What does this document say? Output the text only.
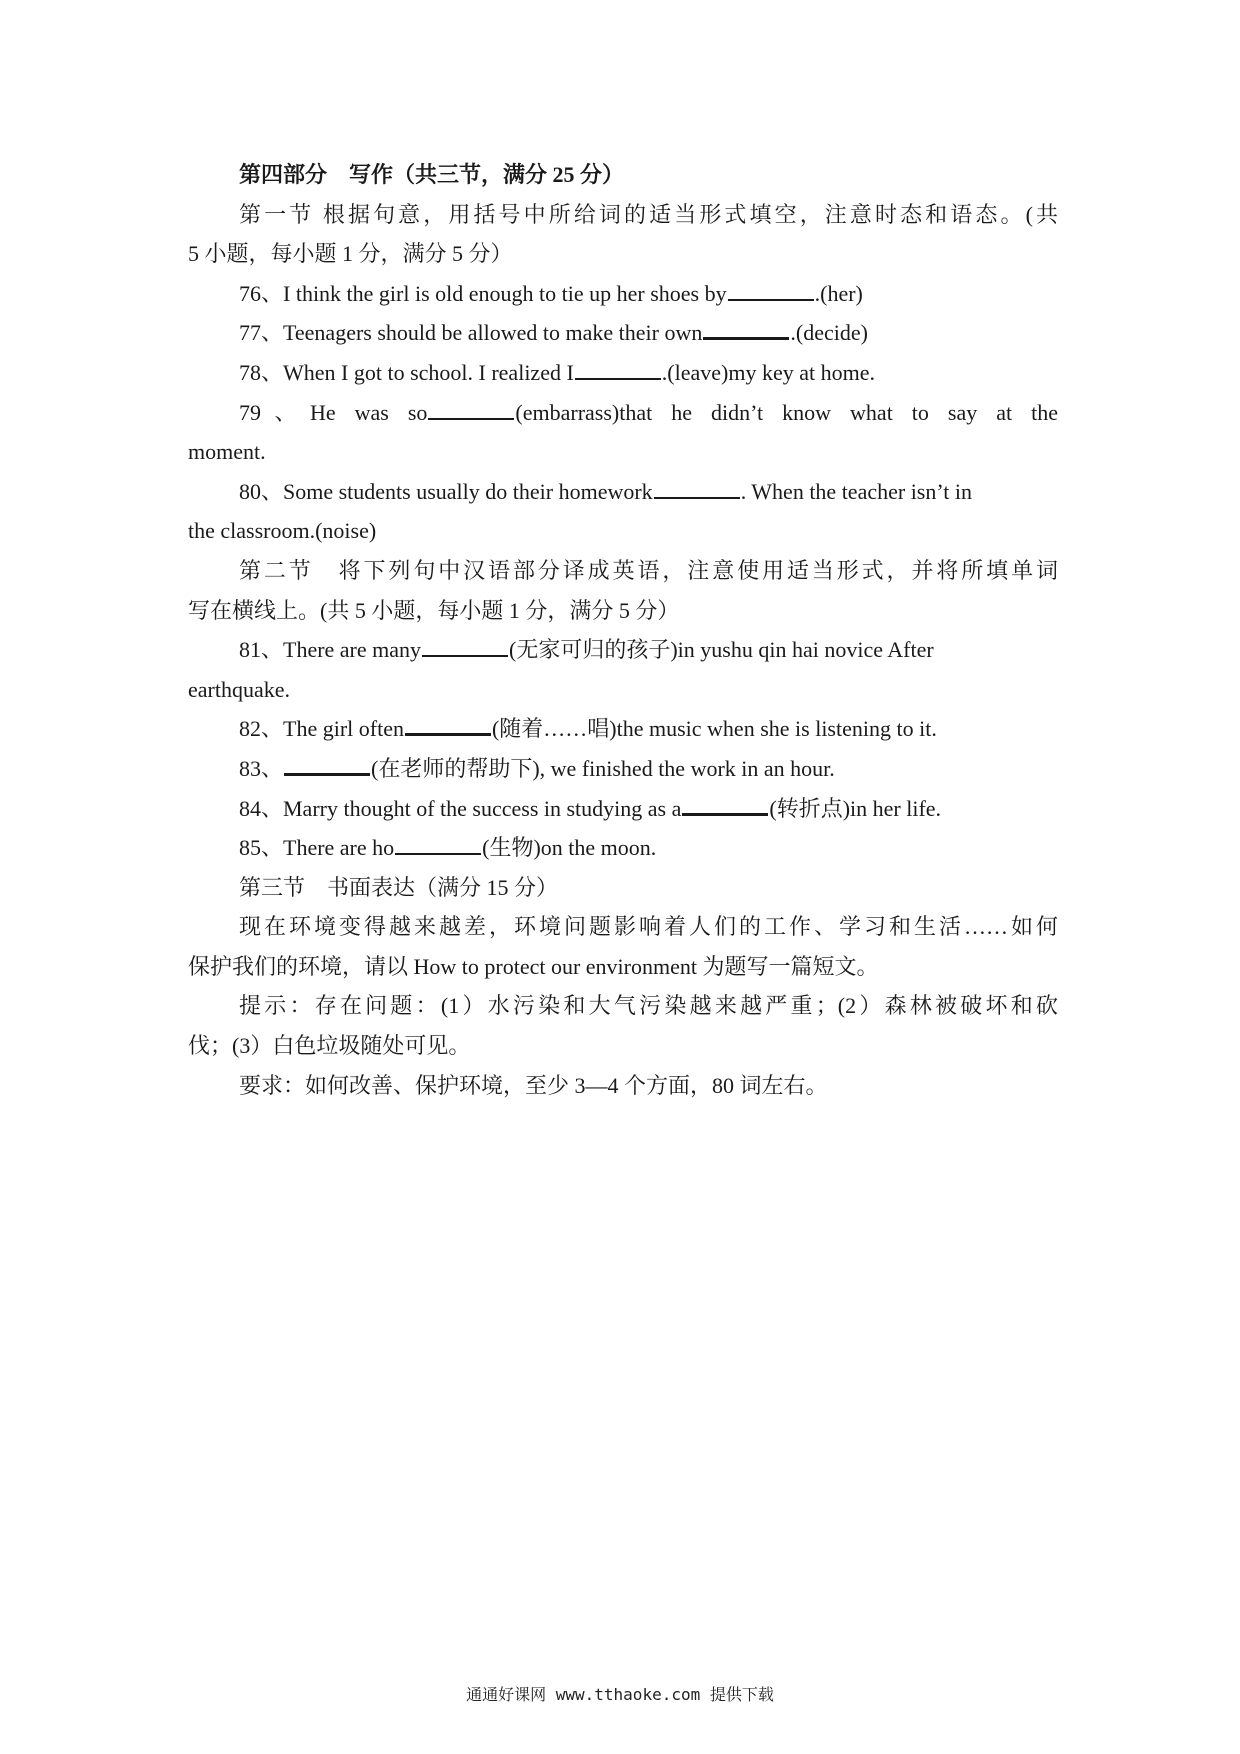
第四部分　写作（共三节，满分 25 分）
第一节 根据句意，用括号中所给词的适当形式填空，注意时态和语态。(共
5 小题，每小题 1 分，满分 5 分）
76、I think the girl is old enough to tie up her shoes by	.(her)
77、Teenagers should be allowed to make their own	.(decide)
78、When I got to school. I realized I	.(leave)my key at home.
79、He was so	(embarrass)that he didn’t know what to say at the
moment.
80、Some students usually do their homework	. When the teacher isn’t in
the classroom.(noise)
第二节　将下列句中汉语部分译成英语，注意使用适当形式，并将所填单词
写在横线上。(共 5 小题，每小题 1 分，满分 5 分）
81、There are many	(无家可归的孩子)in yushu qin hai novice After
earthquake.
82、The girl often	(随着……唱)the music when she is listening to it.
83、	(在老师的帮助下), we finished the work in an hour.
84、Marry thought of the success in studying as a	(转折点)in her life.
85、There are ho	(生物)on the moon.
第三节　书面表达（满分 15 分）
现在环境变得越来越差，环境问题影响着人们的工作、学习和生活……如何
保护我们的环境，请以 How to protect our environment 为题写一篇短文。
提示：存在问题：(1）水污染和大气污染越来越严重；(2）森林被破坏和砍
伐；(3）白色垃圾随处可见。
要求：如何改善、保护环境，至少 3—4 个方面，80 词左右。
通通好课网 www.tthaoke.com 提供下载
